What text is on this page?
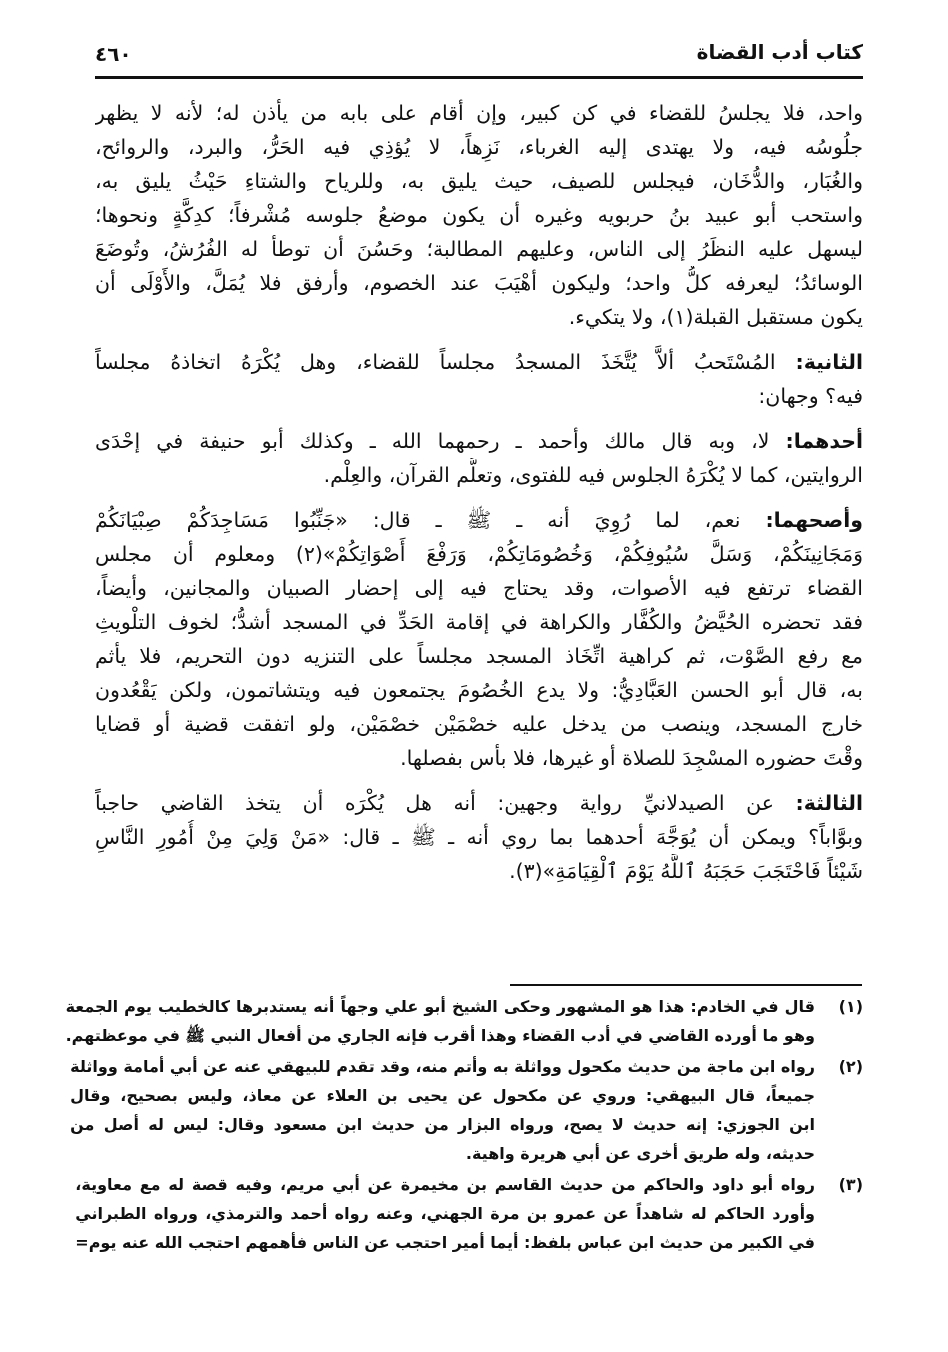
كتاب أدب القضاة
٤٦٠
واحد، فلا يجلسُ للقضاء في كن كبير، وإن أقام على بابه من يأذن له؛ لأنه لا يظهر
جلُوسُه فيه، ولا يهتدى إليه الغرباء، نَزِهاً، لا يُؤذِي فيه الحَرُّ، والبرد، والروائح،
والغُبَار، والدُّخَان، فيجلس للصيف، حيث يليق به، وللرياح والشتاءِ حَيْثُ يليق به،
واستحب أبو عبيد بنُ حربويه وغيره أن يكون موضعُ جلوسه مُشْرفاً؛ كدِكَّةٍ ونحوها؛
ليسهل عليه النظَرُ إلى الناس، وعليهم المطالبة؛ وحَسُنَ أن توطأ له الفُرُشُ، وتُوضَعَ
الوسائدُ؛ ليعرفه كلُّ واحد؛ وليكون أهْيَبَ عند الخصوم، وأرفق فلا يُمَلَّ، والأَوْلَى أن
يكون مستقبل القبلة(١)، ولا يتكيء.
الثانية: المُسْتَحبُ ألاَّ يُتَّخَذَ المسجدُ مجلساً للقضاء، وهل يُكْرَهُ اتخاذهُ مجلساً
فيه؟ وجهان:
أحدهما: لا، وبه قال مالك وأحمد ـ رحمهما الله ـ وكذلك أبو حنيفة في إحْدَى
الروايتين، كما لا يُكْرَهُ الجلوس فيه للفتوى، وتعلُّم القرآن، والعِلْم.
وأصحهما: نعم، لما رُوِيَ أنه ـ ﷺ ـ قال: «جَنِّبُوا مَسَاجِدَكُمْ صِبْيَانَكُمْ
وَمَجَانِينَكُمْ، وَسَلَّ سُيُوفِكُمْ، وَخُصُومَاتِكُمْ، وَرَفْعَ أَصْوَاتِكُمْ»(٢) ومعلوم أن مجلس
القضاء ترتفع فيه الأصوات، وقد يحتاج فيه إلى إحضار الصبيان والمجانين، وأيضاً،
فقد تحضره الحُيَّضُ والكُفَّار والكراهة في إقامة الحَدِّ في المسجد أشدُّ؛ لخوف التلْويثِ
مع رفع الصَّوْت، ثم كراهية اتِّخَاذ المسجد مجلساً على التنزيه دون التحريم، فلا يأثم
به، قال أبو الحسن العَبَّادِيُّ: ولا يدع الخُصُومَ يجتمعون فيه ويتشاتمون، ولكن يَقْعُدون
خارج المسجد، وينصب من يدخل عليه خصْمَيْن خصْمَيْن، ولو اتفقت قضية أو قضايا
وقْتَ حضوره المسْجِدَ للصلاة أو غيرها، فلا بأس بفصلها.
الثالثة: عن الصيدلانيِّ رواية وجهين: أنه هل يُكْرَه أن يتخذ القاضي حاجباً
وبوَّاباً؟ ويمكن أن يُوَجَّهَ أحدهما بما روي أنه ـ ﷺ ـ قال: «مَنْ وَلِيَ مِنْ أُمُورِ النَّاسِ
شَيْئاً فَاحْتَجَبَ حَجَبَهُ ٱللَّهُ يَوْمَ ٱلْقِيَامَةِ»(٣).
(١)
قال في الخادم: هذا هو المشهور وحكى الشيخ أبو علي وجهاً أنه يستدبرها كالخطيب يوم الجمعة
وهو ما أورده القاضي في أدب القضاء وهذا أقرب فإنه الجاري من أفعال النبي ﷺ في موعظتهم.
(٢)
رواه ابن ماجة من حديث مكحول وواثلة به وأتم منه، وقد تقدم للبيهقي عنه عن أبي أمامة وواثلة
جميعاً، قال البيهقي: وروي عن مكحول عن يحيى بن العلاء عن معاذ، وليس بصحيح، وقال
ابن الجوزي: إنه حديث لا يصح، ورواه البزار من حديث ابن مسعود وقال: ليس له أصل من
حديثه، وله طريق أخرى عن أبي هريرة واهية.
(٣)
رواه أبو داود والحاكم من حديث القاسم بن مخيمرة عن أبي مريم، وفيه قصة له مع معاوية،
وأورد الحاكم له شاهداً عن عمرو بن مرة الجهني، وعنه رواه أحمد والترمذي، ورواه الطبراني
في الكبير من حديث ابن عباس بلفظ: أيما أمير احتجب عن الناس فأهمهم احتجب الله عنه يوم=
